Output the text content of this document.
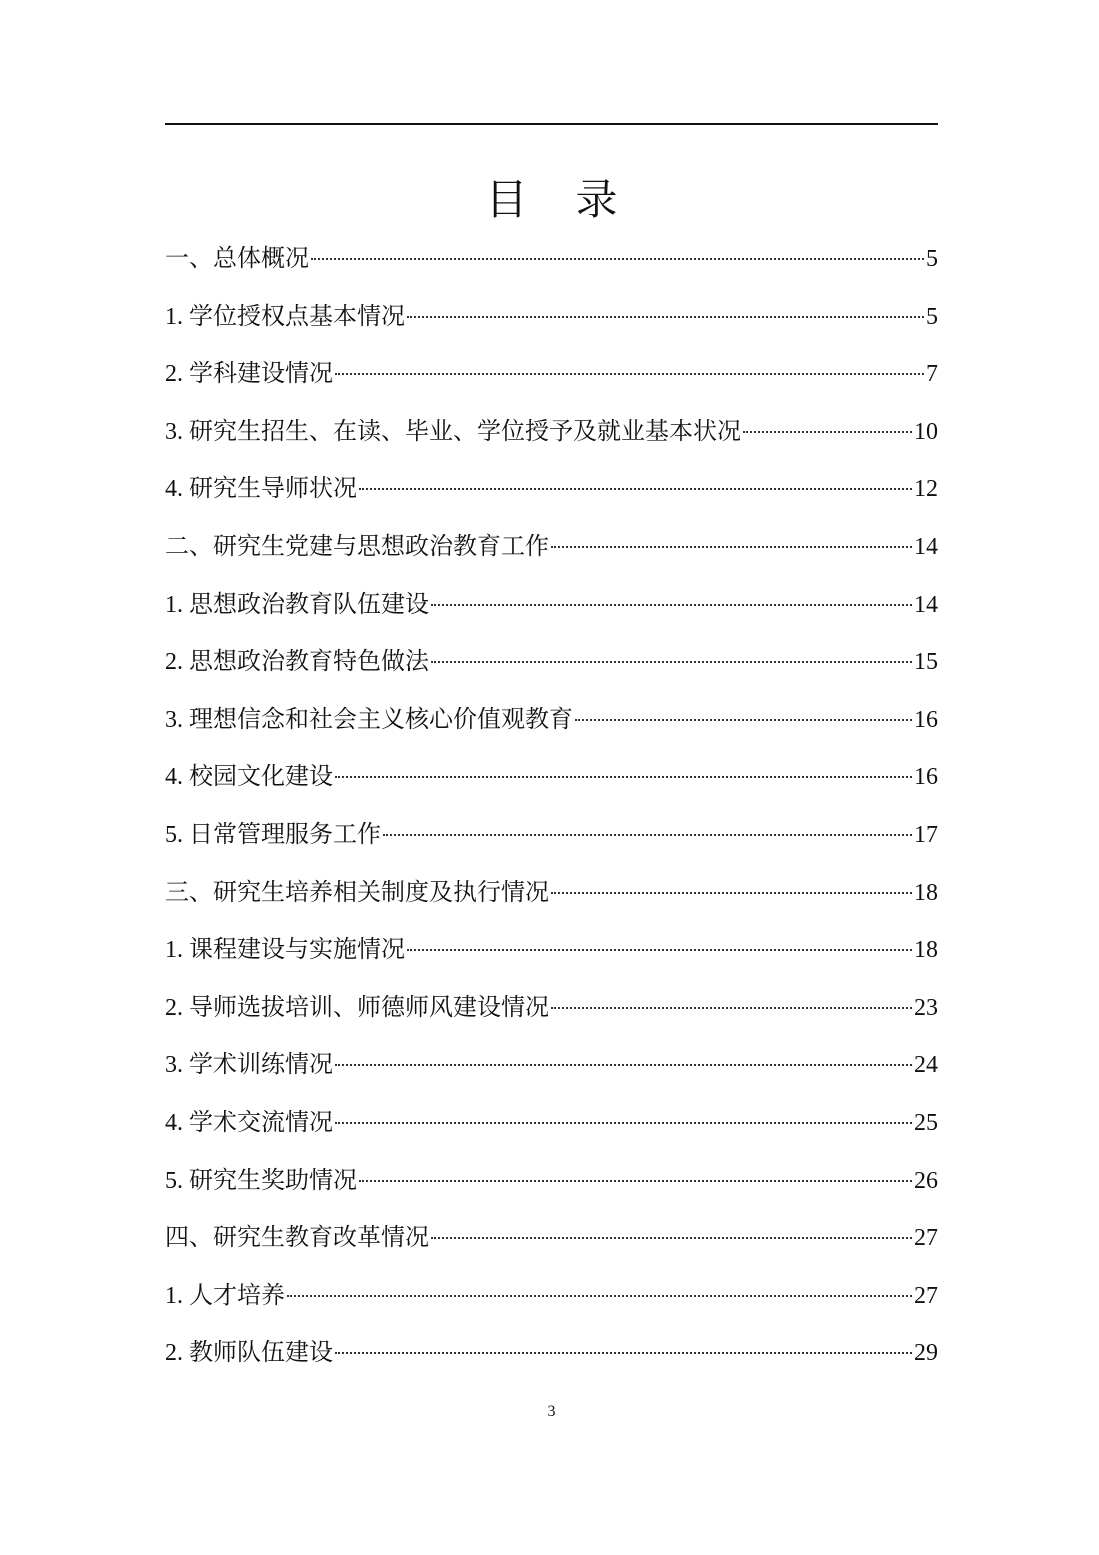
目录
一、 总体概况	5
1. 学位授权点基本情况	5
2. 学科建设情况	7
3. 研究生招生、在读、毕业、学位授予及就业基本状况	10
4. 研究生导师状况	12
二、 研究生党建与思想政治教育工作	14
1. 思想政治教育队伍建设	14
2. 思想政治教育特色做法	15
3. 理想信念和社会主义核心价值观教育	16
4. 校园文化建设	16
5. 日常管理服务工作	17
三、 研究生培养相关制度及执行情况	18
1. 课程建设与实施情况	18
2. 导师选拔培训、师德师风建设情况	23
3. 学术训练情况	24
4. 学术交流情况	25
5. 研究生奖助情况	26
四、 研究生教育改革情况	27
1. 人才培养	27
2. 教师队伍建设	29
3
